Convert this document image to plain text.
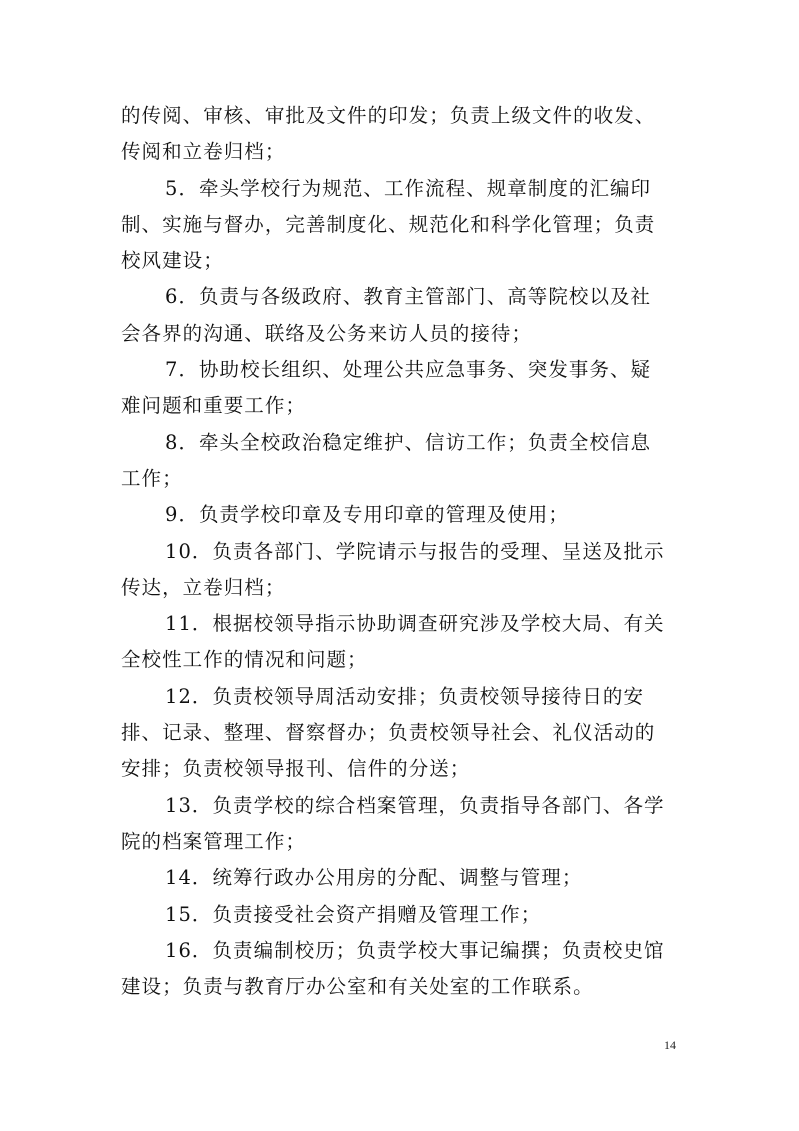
的传阅、审核、审批及文件的印发；负责上级文件的收发、
传阅和立卷归档；
5．牵头学校行为规范、工作流程、规章制度的汇编印
制、实施与督办，完善制度化、规范化和科学化管理；负责
校风建设；
6．负责与各级政府、教育主管部门、高等院校以及社
会各界的沟通、联络及公务来访人员的接待；
7．协助校长组织、处理公共应急事务、突发事务、疑
难问题和重要工作；
8．牵头全校政治稳定维护、信访工作；负责全校信息
工作；
9．负责学校印章及专用印章的管理及使用；
10．负责各部门、学院请示与报告的受理、呈送及批示
传达，立卷归档；
11．根据校领导指示协助调查研究涉及学校大局、有关
全校性工作的情况和问题；
12．负责校领导周活动安排；负责校领导接待日的安
排、记录、整理、督察督办；负责校领导社会、礼仪活动的
安排；负责校领导报刊、信件的分送；
13．负责学校的综合档案管理，负责指导各部门、各学
院的档案管理工作；
14．统筹行政办公用房的分配、调整与管理；
15．负责接受社会资产捐赠及管理工作；
16．负责编制校历；负责学校大事记编撰；负责校史馆
建设；负责与教育厅办公室和有关处室的工作联系。
14
